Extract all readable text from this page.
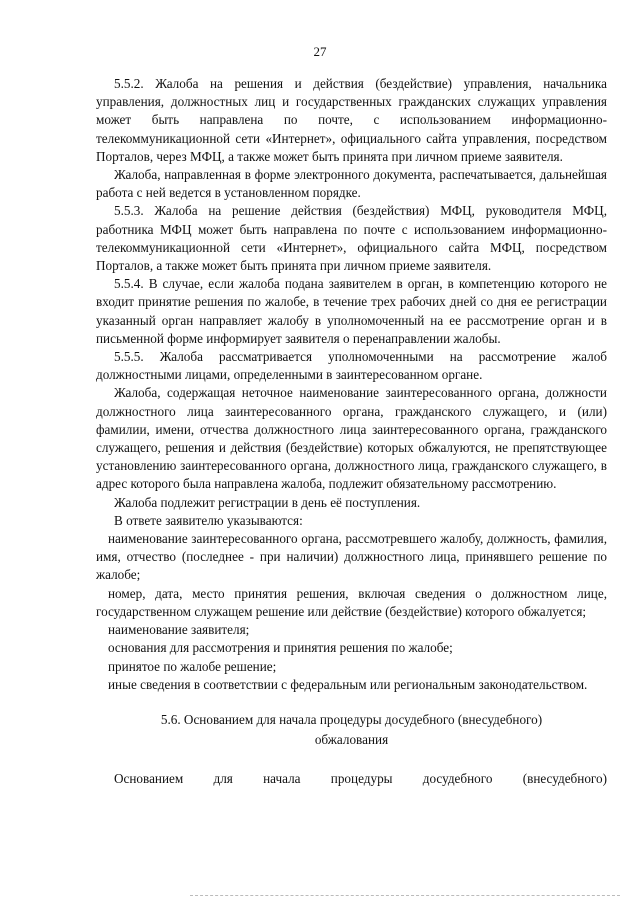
27

5.5.2. Жалоба на решения и действия (бездействие) управления, начальника управления, должностных лиц и государственных гражданских служащих управления может быть направлена по почте, с использованием информационно-телекоммуникационной сети «Интернет», официального сайта управления, посредством Порталов, через МФЦ, а также может быть принята при личном приеме заявителя.

Жалоба, направленная в форме электронного документа, распечатывается, дальнейшая работа с ней ведется в установленном порядке.

5.5.3. Жалоба на решение действия (бездействия) МФЦ, руководителя МФЦ, работника МФЦ может быть направлена по почте с использованием информационно-телекоммуникационной сети «Интернет», официального сайта МФЦ, посредством Порталов, а также может быть принята при личном приеме заявителя.

5.5.4. В случае, если жалоба подана заявителем в орган, в компетенцию которого не входит принятие решения по жалобе, в течение трех рабочих дней со дня ее регистрации указанный орган направляет жалобу в уполномоченный на ее рассмотрение орган и в письменной форме информирует заявителя о перенаправлении жалобы.

5.5.5. Жалоба рассматривается уполномоченными на рассмотрение жалоб должностными лицами, определенными в заинтересованном органе.

Жалоба, содержащая неточное наименование заинтересованного органа, должности должностного лица заинтересованного органа, гражданского служащего, и (или) фамилии, имени, отчества должностного лица заинтересованного органа, гражданского служащего, решения и действия (бездействие) которых обжалуются, не препятствующее установлению заинтересованного органа, должностного лица, гражданского служащего, в адрес которого была направлена жалоба, подлежит обязательному рассмотрению.

Жалоба подлежит регистрации в день её поступления.

В ответе заявителю указываются:

наименование заинтересованного органа, рассмотревшего жалобу, должность, фамилия, имя, отчество (последнее - при наличии) должностного лица, принявшего решение по жалобе;

номер, дата, место принятия решения, включая сведения о должностном лице, государственном служащем решение или действие (бездействие) которого обжалуется;

наименование заявителя;

основания для рассмотрения и принятия решения по жалобе;

принятое по жалобе решение;

иные сведения в соответствии с федеральным или региональным законодательством.

5.6. Основанием для начала процедуры досудебного (внесудебного)
обжалования

Основанием для начала процедуры досудебного (внесудебного)
